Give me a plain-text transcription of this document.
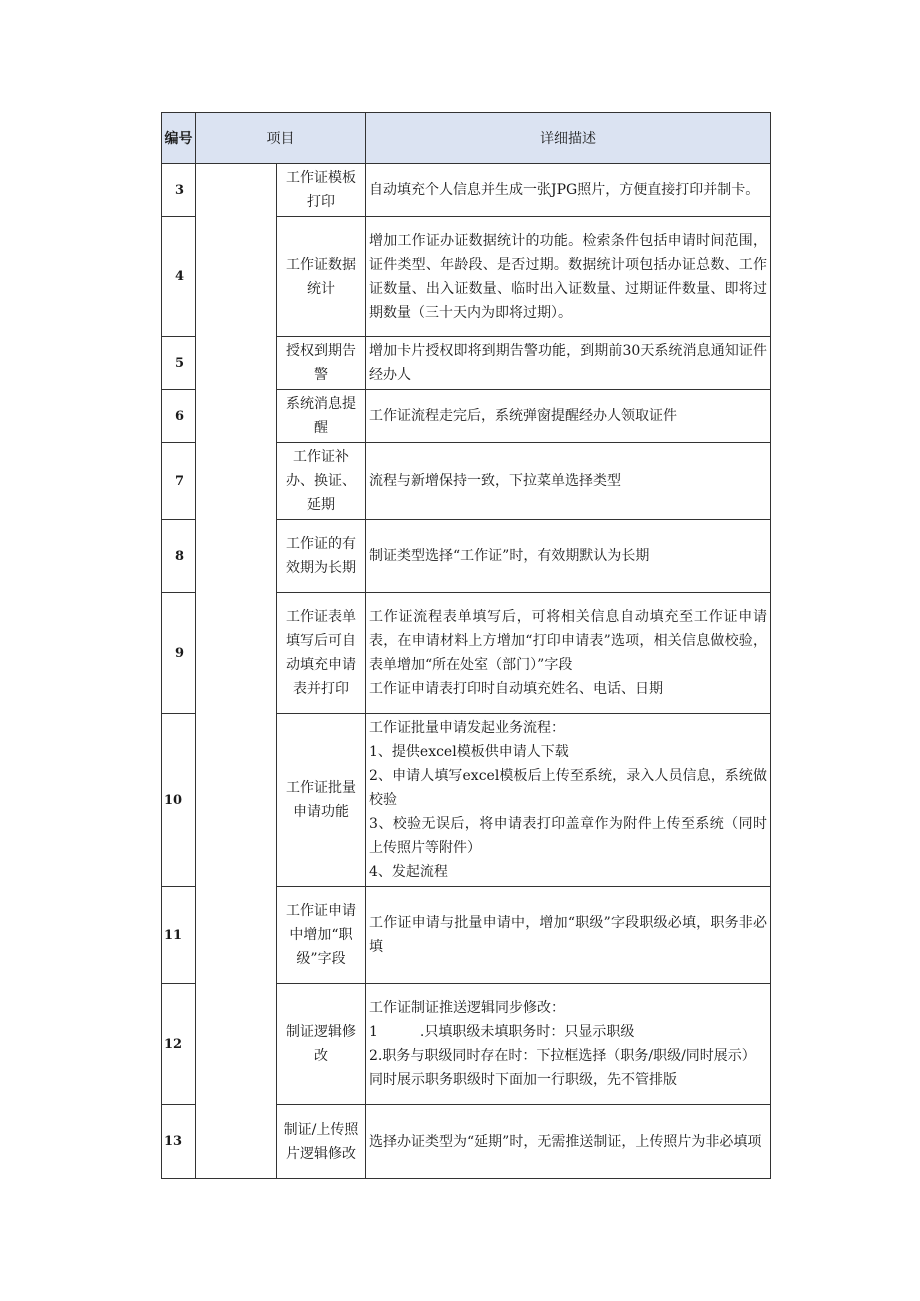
编号	项目		详细描述
3		工作证模板打印	自动填充个人信息并生成一张JPG照片，方便直接打印并制卡。

4		工作证数据统计	增加工作证办证数据统计的功能。检索条件包括申请时间范围，证件类型、年龄段、是否过期。数据统计项包括办证总数、工作证数量、出入证数量、临时出入证数量、过期证件数量、即将过期数量（三十天内为即将过期）。

5		授权到期告警	增加卡片授权即将到期告警功能，到期前30天系统消息通知证件经办人

6		系统消息提醒	工作证流程走完后，系统弹窗提醒经办人领取证件

7		工作证补办、换证、延期	流程与新增保持一致，下拉菜单选择类型

8		工作证的有效期为长期	制证类型选择“工作证”时，有效期默认为长期

9		工作证表单填写后可自动填充申请表并打印	工作证流程表单填写后，可将相关信息自动填充至工作证申请表，在申请材料上方增加“打印申请表”选项，相关信息做校验，表单增加“所在处室（部门）”字段
工作证申请表打印时自动填充姓名、电话、日期

10		工作证批量申请功能	工作证批量申请发起业务流程：
1、提供excel模板供申请人下载
2、申请人填写excel模板后上传至系统，录入人员信息，系统做校验
3、校验无误后，将申请表打印盖章作为附件上传至系统（同时上传照片等附件）
4、发起流程

11		工作证申请中增加“职级”字段	工作证申请与批量申请中，增加“职级”字段职级必填，职务非必填

12		制证逻辑修改	工作证制证推送逻辑同步修改：
1　　　.只填职级未填职务时：只显示职级
2.职务与职级同时存在时：下拉框选择（职务/职级/同时展示）
同时展示职务职级时下面加一行职级，先不管排版

13		制证/上传照片逻辑修改	选择办证类型为“延期”时，无需推送制证，上传照片为非必填项
